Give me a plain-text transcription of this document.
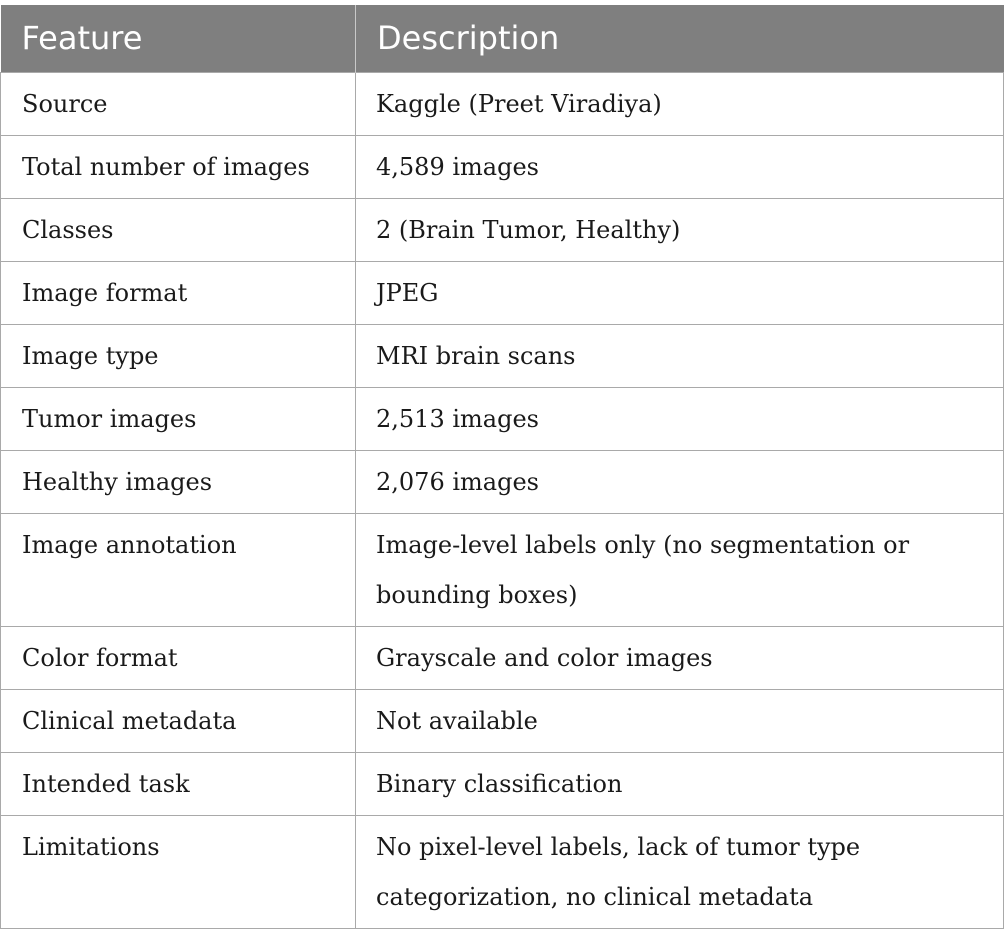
Feature	Description
Source	Kaggle (Preet Viradiya)
Total number of images	4,589 images
Classes	2 (Brain Tumor, Healthy)
Image format	JPEG
Image type	MRI brain scans
Tumor images	2,513 images
Healthy images	2,076 images
Image annotation	Image-level labels only (no segmentation or bounding boxes)
Color format	Grayscale and color images
Clinical metadata	Not available
Intended task	Binary classification
Limitations	No pixel-level labels, lack of tumor type categorization, no clinical metadata
